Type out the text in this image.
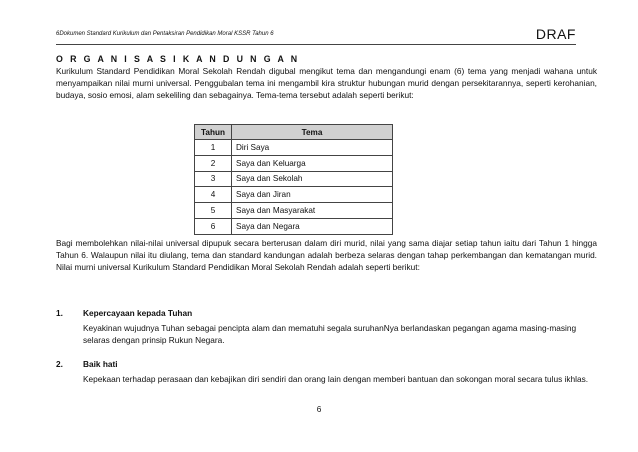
6Dokumen Standard Kurikulum dan Pentaksiran Pendidikan Moral KSSR Tahun 6	DRAF
O R G A N I S A S I K A N D U N G A N
Kurikulum Standard Pendidikan Moral Sekolah Rendah digubal mengikut tema dan mengandungi enam (6) tema yang menjadi wahana untuk menyampaikan nilai murni universal. Penggubalan tema ini mengambil kira struktur hubungan murid dengan persekitarannya, seperti kerohanian, budaya, sosio emosi, alam sekeliling dan sebagainya. Tema-tema tersebut adalah seperti berikut:
Tahun	Tema
1	Diri Saya
2	Saya dan Keluarga
3	Saya dan Sekolah
4	Saya dan Jiran
5	Saya dan Masyarakat
6	Saya dan Negara
Bagi membolehkan nilai-nilai universal dipupuk secara berterusan dalam diri murid, nilai yang sama diajar setiap tahun iaitu dari Tahun 1 hingga Tahun 6. Walaupun nilai itu diulang, tema dan standard kandungan adalah berbeza selaras dengan tahap perkembangan dan kematangan murid. Nilai murni universal Kurikulum Standard Pendidikan Moral Sekolah Rendah adalah seperti berikut:
1. Kepercayaan kepada Tuhan
Keyakinan wujudnya Tuhan sebagai pencipta alam dan mematuhi segala suruhanNya berlandaskan pegangan agama masing-masing selaras dengan prinsip Rukun Negara.
2. Baik hati
Kepekaan terhadap perasaan dan kebajikan diri sendiri dan orang lain dengan memberi bantuan dan sokongan moral secara tulus ikhlas.
6
